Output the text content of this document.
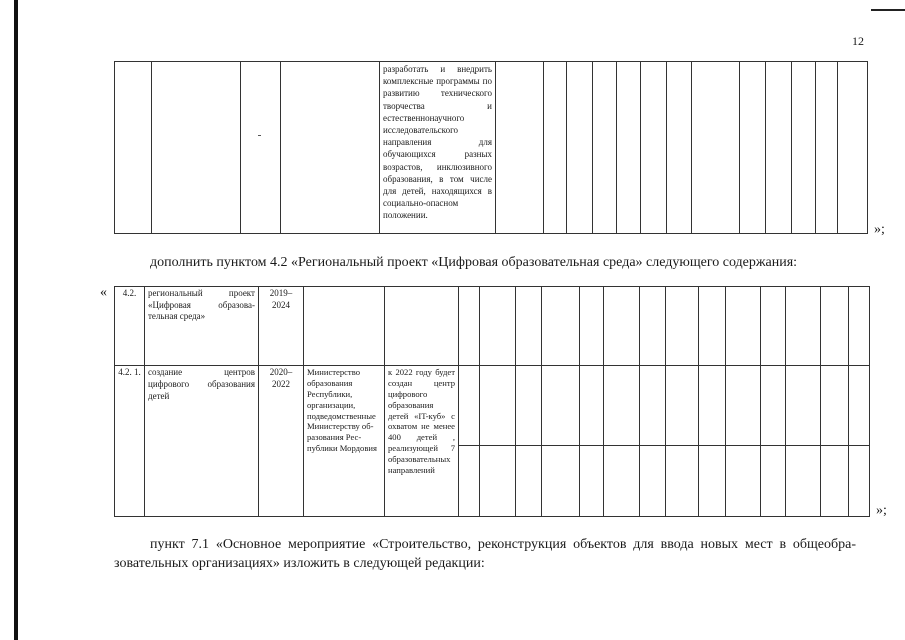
12
				разработать и внедрить комплексные программы по развитию технического творчества и естественнонаучного исследовательского направления для обучающихся разных возрастов, инклюзивного образования, в том числе для детей, находящихся в социально-опасном положении.													
»;
дополнить пунктом 4.2 «Региональный проект «Цифровая образовательная среда» следующего содержания:
« 4.2.	региональный проект «Цифровая образовательная среда»	2019–2024																
4.2. 1.	создание центров цифрового образования детей	2020–2022	Министерство образования Республики, организации, подведомственные Министерству образования Республики Мордовия	к 2022 году будет создан центр цифрового образования детей «IT-куб» с охватом не менее 400 детей , реализующей 7 образовательных направлений														

»;
пункт 7.1 «Основное мероприятие «Строительство, реконструкция объектов для ввода новых мест в общеобразовательных организациях» изложить в следующей редакции:
